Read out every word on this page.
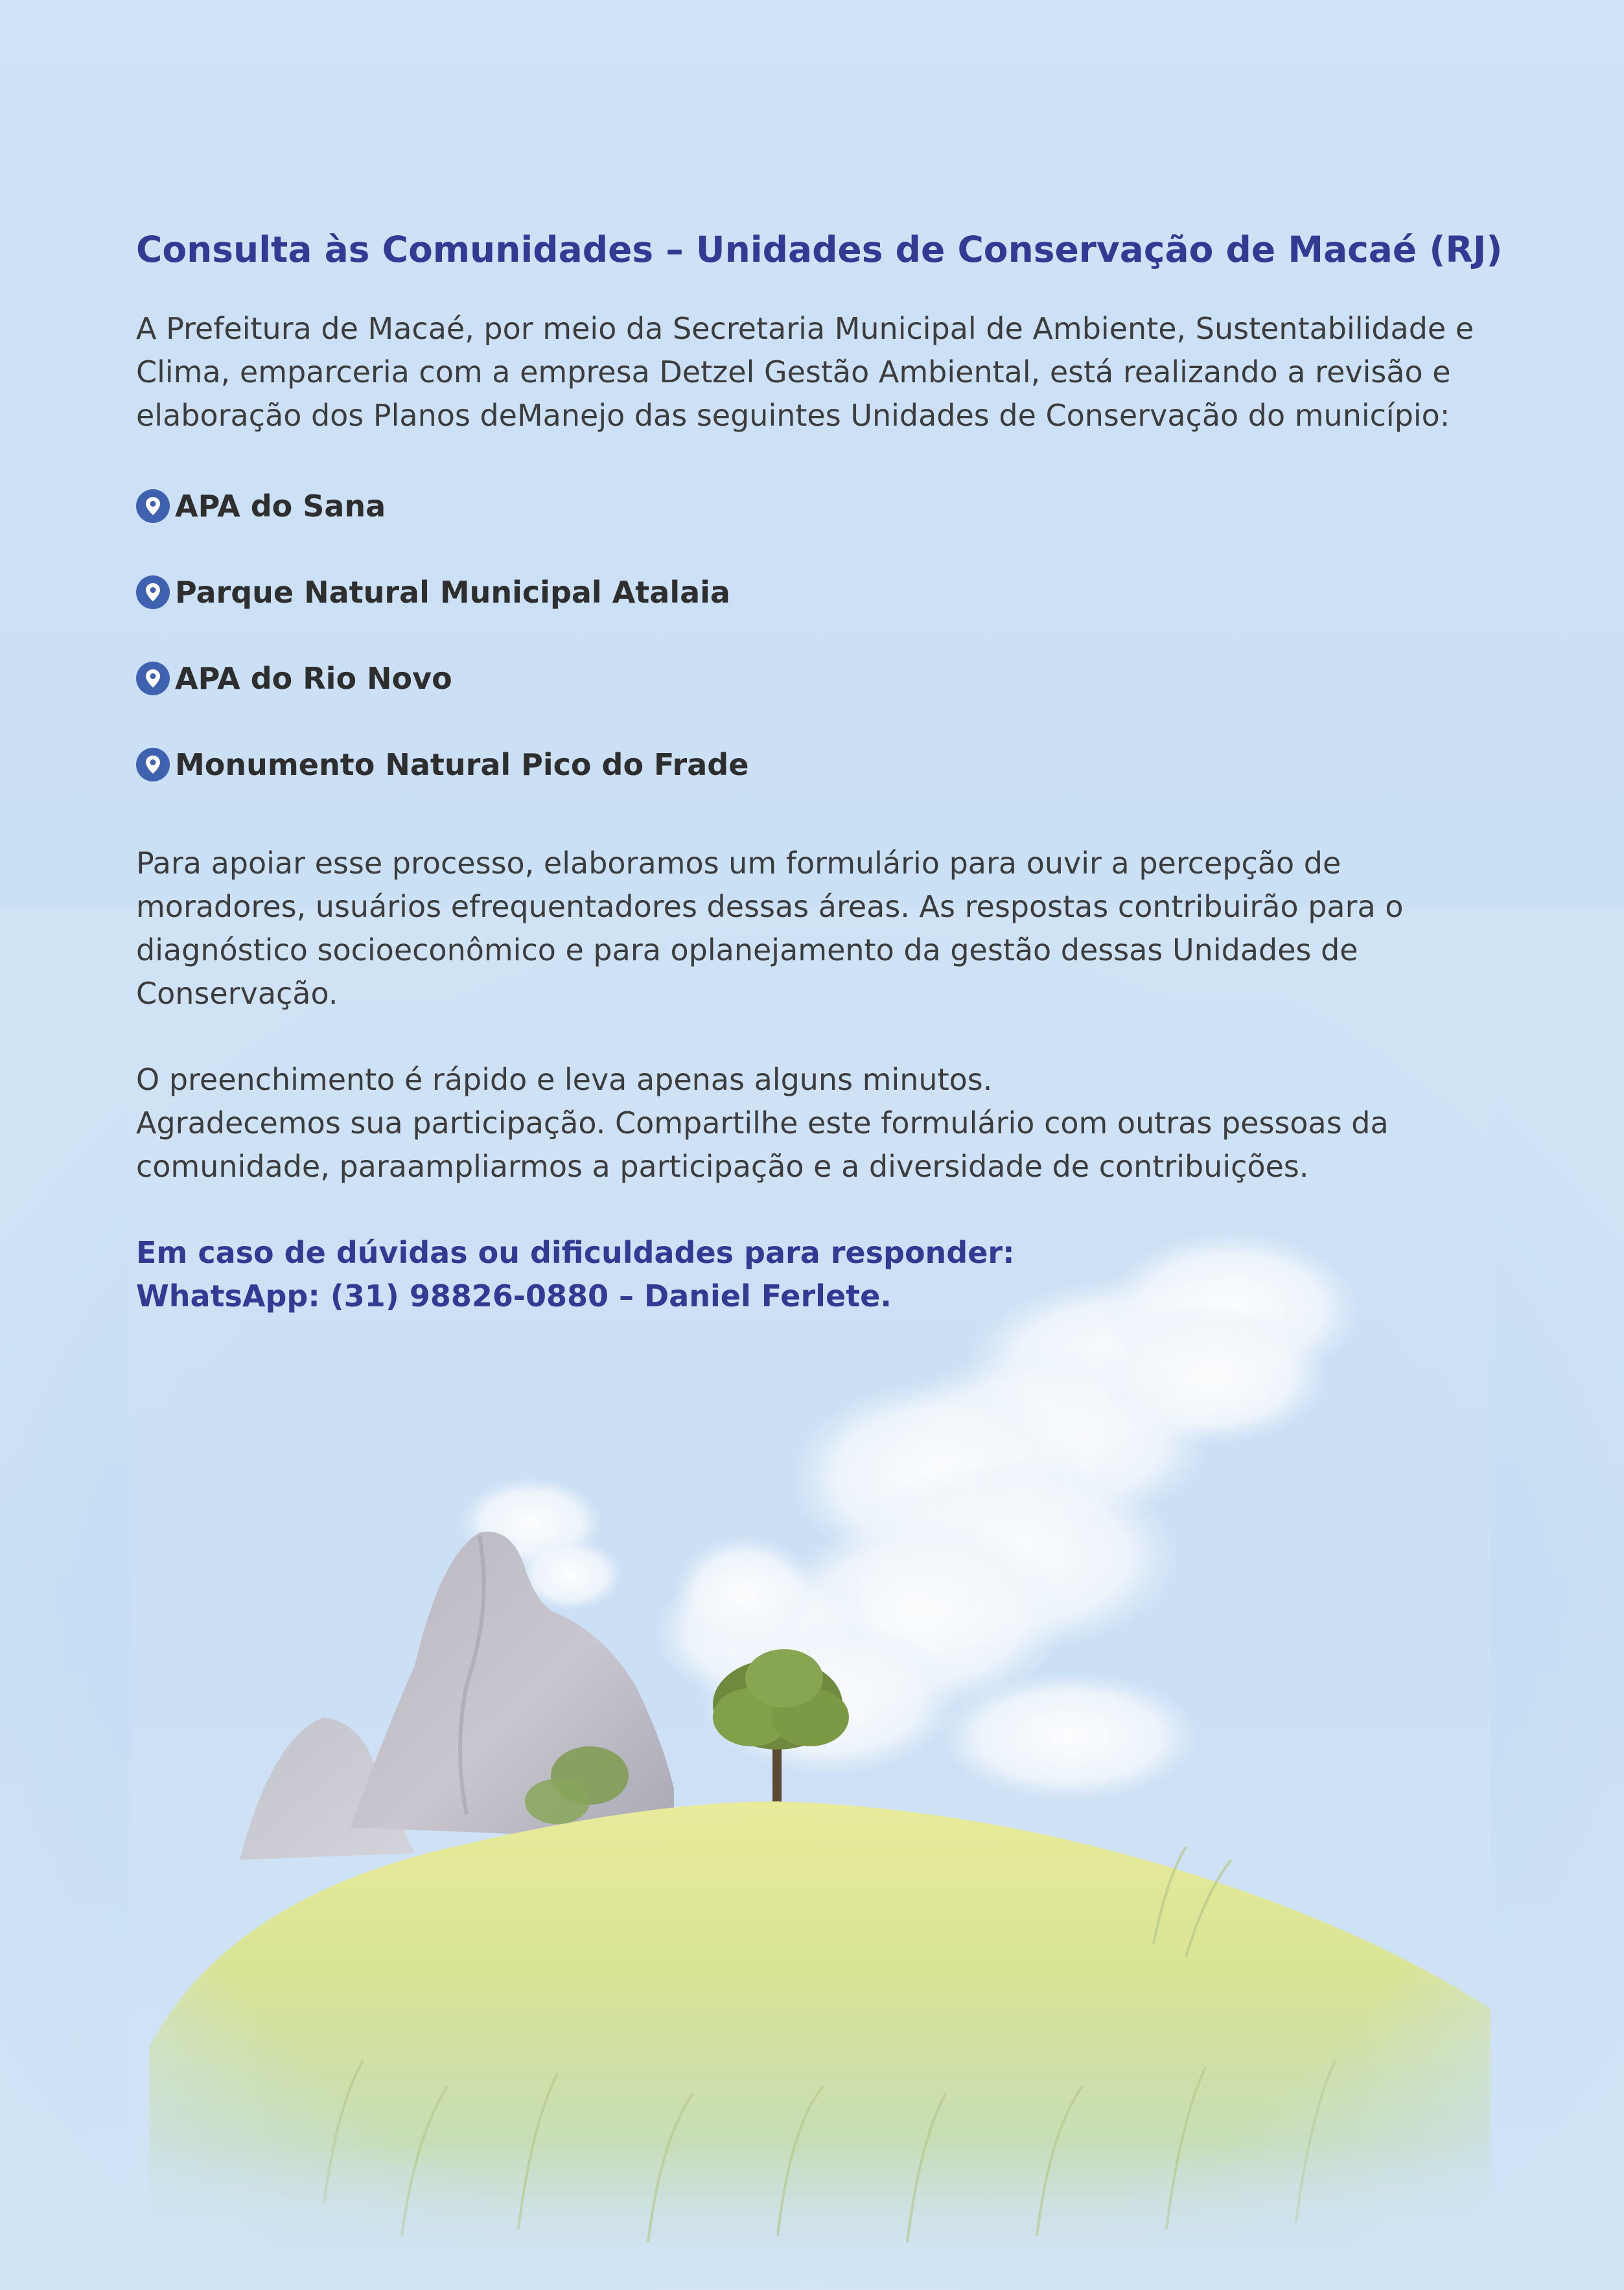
Consulta às Comunidades – Unidades de Conservação de Macaé (RJ)

A Prefeitura de Macaé, por meio da Secretaria Municipal de Ambiente, Sustentabilidade e
Clima, emparceria com a empresa Detzel Gestão Ambiental, está realizando a revisão e
elaboração dos Planos deManejo das seguintes Unidades de Conservação do município:

APA do Sana
Parque Natural Municipal Atalaia
APA do Rio Novo
Monumento Natural Pico do Frade

Para apoiar esse processo, elaboramos um formulário para ouvir a percepção de
moradores, usuários efrequentadores dessas áreas. As respostas contribuirão para o
diagnóstico socioeconômico e para oplanejamento da gestão dessas Unidades de
Conservação.

O preenchimento é rápido e leva apenas alguns minutos.
Agradecemos sua participação. Compartilhe este formulário com outras pessoas da
comunidade, paraampliarmos a participação e a diversidade de contribuições.

Em caso de dúvidas ou dificuldades para responder:
WhatsApp: (31) 98826-0880 – Daniel Ferlete.
